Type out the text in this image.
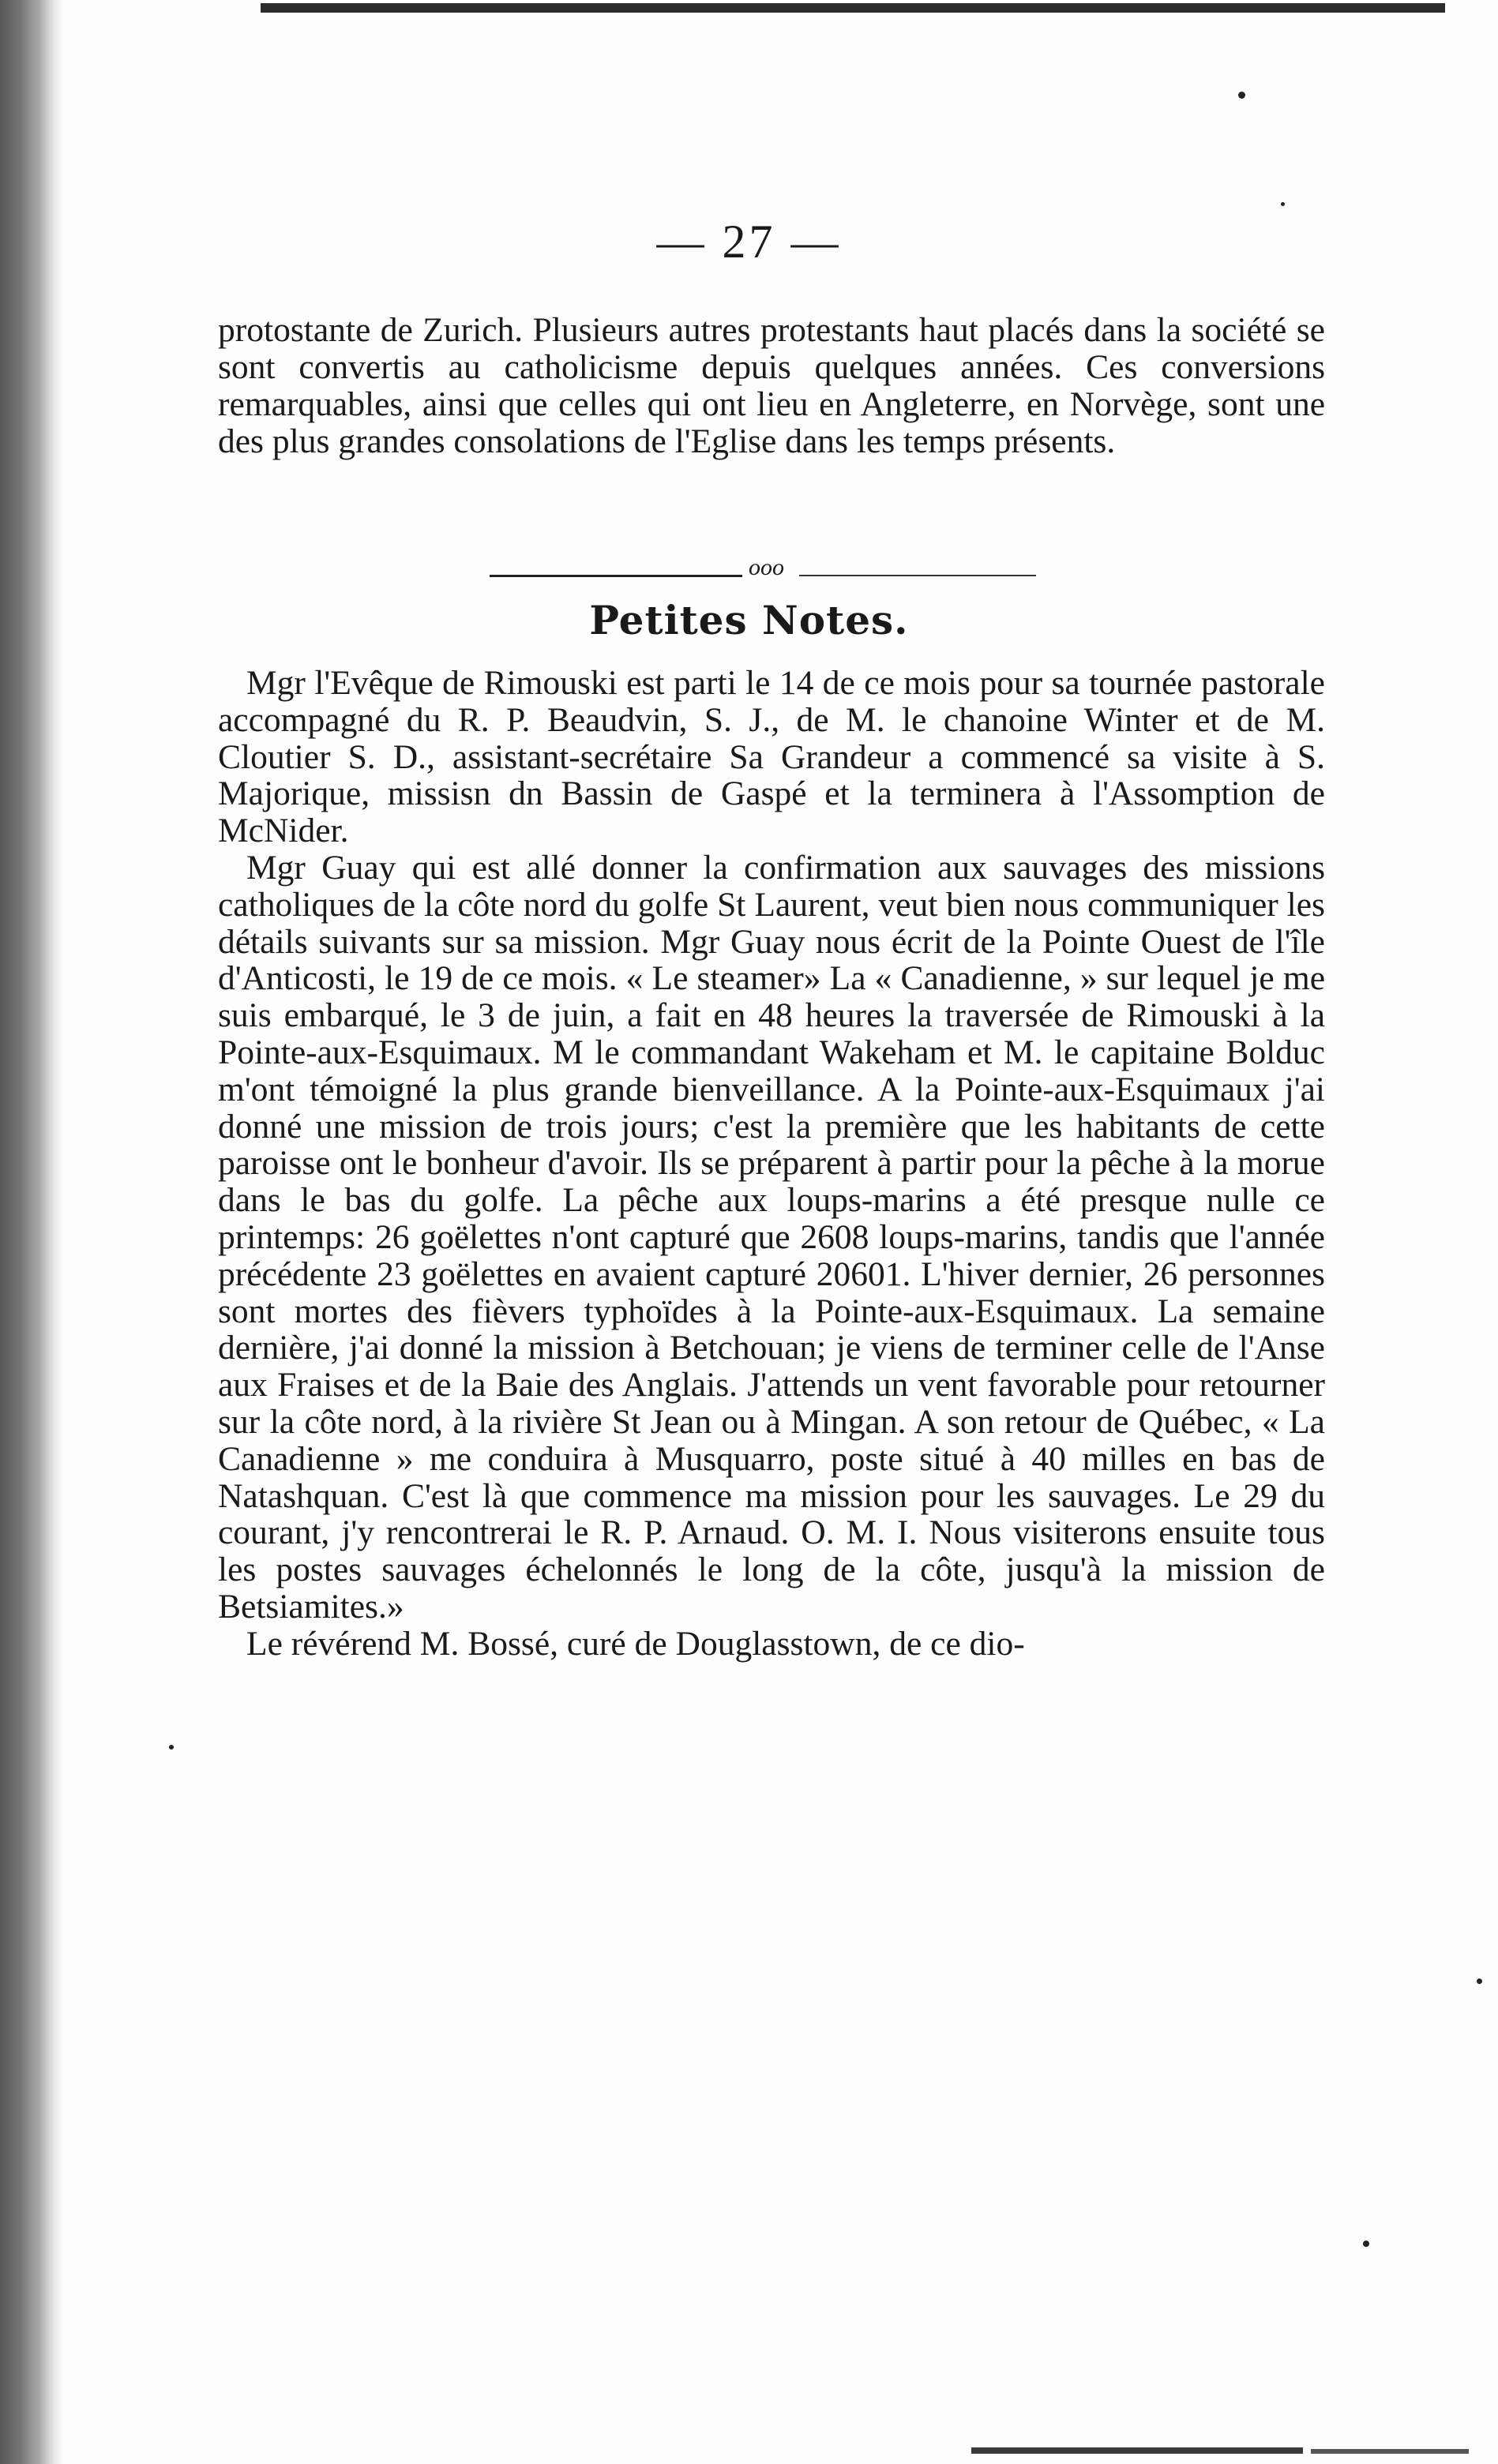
— 27 —

protostante de Zurich. Plusieurs autres protestants haut placés dans la société se sont convertis au catholicisme depuis quelques années. Ces conversions remarquables, ainsi que celles qui ont lieu en Angleterre, en Norvège, sont une des plus grandes consolations de l'Eglise dans les temps présents.

ooo
Petites Notes.

Mgr l'Evêque de Rimouski est parti le 14 de ce mois pour sa tournée pastorale accompagné du R. P. Beaudvin, S. J., de M. le chanoine Winter et de M. Cloutier S. D., assistant-secrétaire Sa Grandeur a commencé sa visite à S. Majorique, missisn dn Bassin de Gaspé et la terminera à l'Assomption de McNider.

Mgr Guay qui est allé donner la confirmation aux sauvages des missions catholiques de la côte nord du golfe St Laurent, veut bien nous communiquer les détails suivants sur sa mission. Mgr Guay nous écrit de la Pointe Ouest de l'île d'Anticosti, le 19 de ce mois. « Le steamer» La « Canadienne, » sur lequel je me suis embarqué, le 3 de juin, a fait en 48 heures la traversée de Rimouski à la Pointe-aux-Esquimaux. M le commandant Wakeham et M. le capitaine Bolduc m'ont témoigné la plus grande bienveillance. A la Pointe-aux-Esquimaux j'ai donné une mission de trois jours; c'est la première que les habitants de cette paroisse ont le bonheur d'avoir. Ils se préparent à partir pour la pêche à la morue dans le bas du golfe. La pêche aux loups-marins a été presque nulle ce printemps: 26 goëlettes n'ont capturé que 2608 loups-marins, tandis que l'année précédente 23 goëlettes en avaient capturé 20601. L'hiver dernier, 26 personnes sont mortes des fièvers typhoïdes à la Pointe-aux-Esquimaux. La semaine dernière, j'ai donné la mission à Betchouan; je viens de terminer celle de l'Anse aux Fraises et de la Baie des Anglais. J'attends un vent favorable pour retourner sur la côte nord, à la rivière St Jean ou à Mingan. A son retour de Québec, « La Canadienne » me conduira à Musquarro, poste situé à 40 milles en bas de Natashquan. C'est là que commence ma mission pour les sauvages. Le 29 du courant, j'y rencontrerai le R. P. Arnaud. O. M. I. Nous visiterons ensuite tous les postes sauvages échelonnés le long de la côte, jusqu'à la mission de Betsiamites.»

Le révérend M. Bossé, curé de Douglasstown, de ce dio-
